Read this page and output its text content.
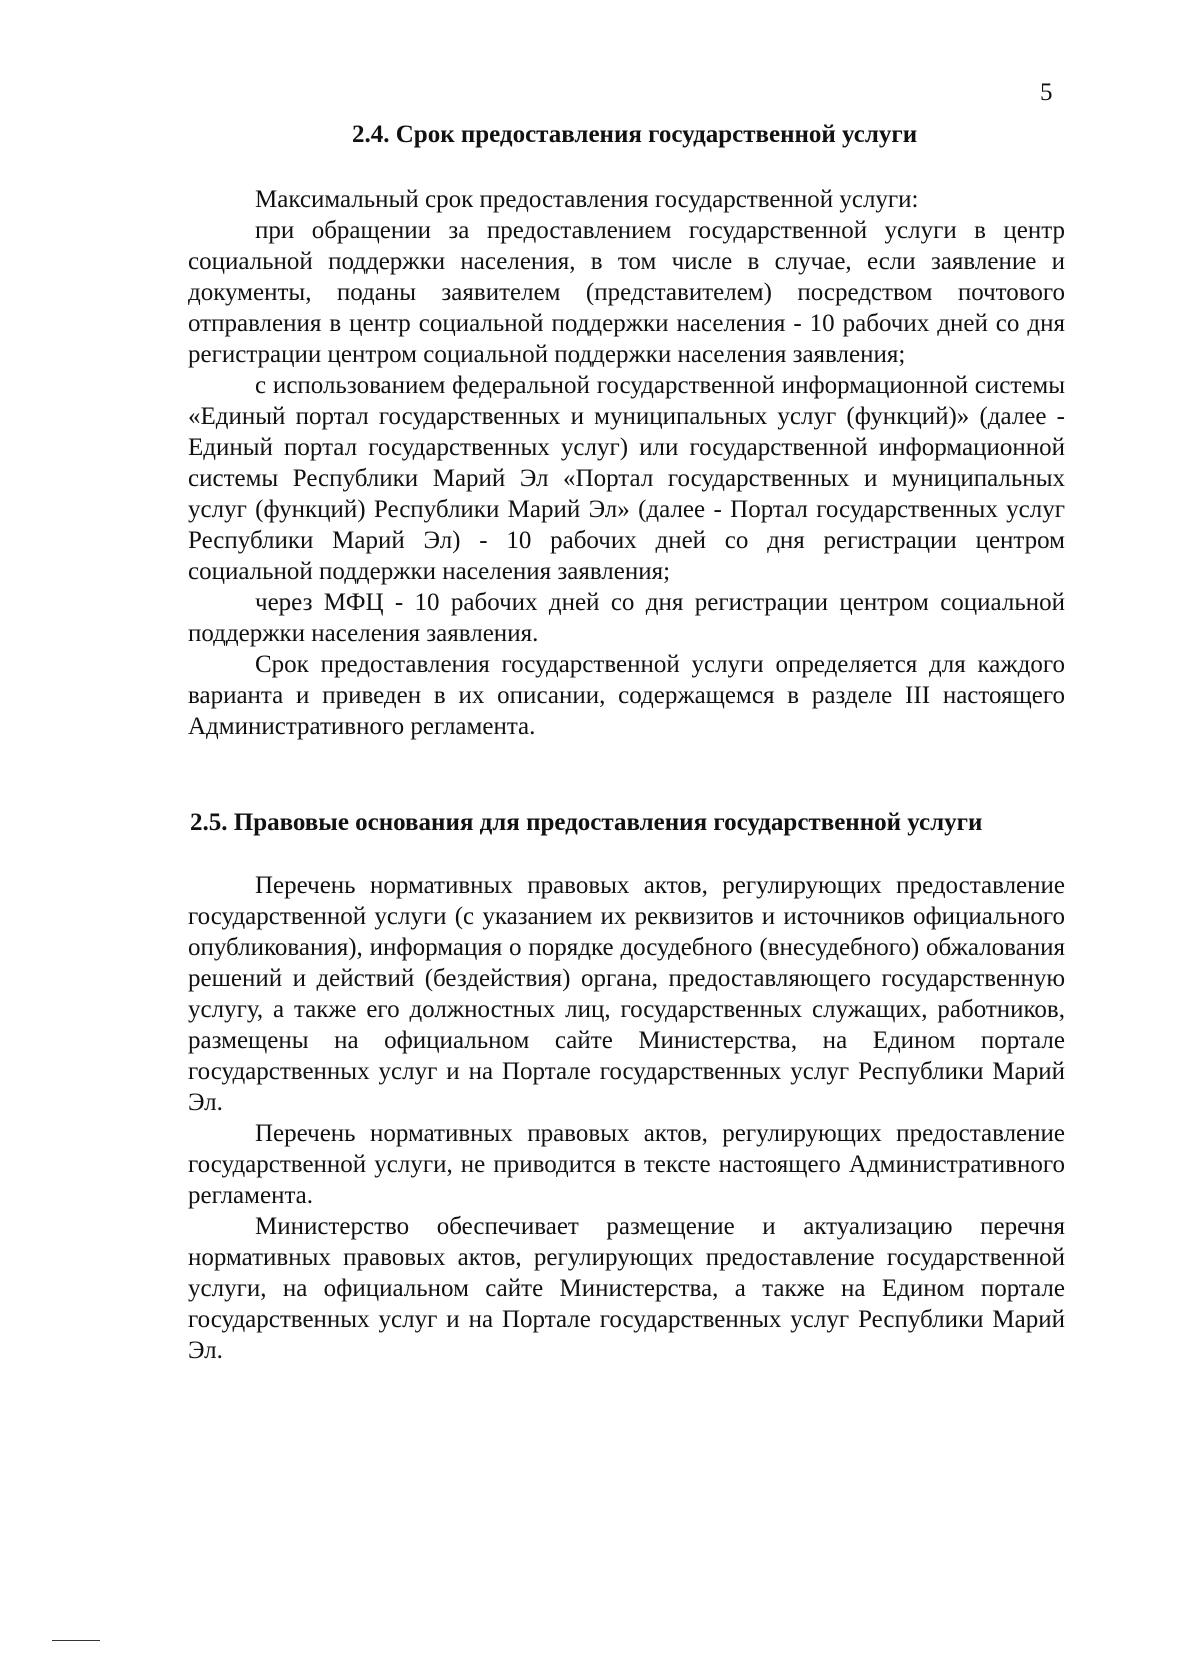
5
2.4. Срок предоставления государственной услуги

Максимальный срок предоставления государственной услуги:

при обращении за предоставлением государственной услуги в центр социальной поддержки населения, в том числе в случае, если заявление и документы, поданы заявителем (представителем) посредством почтового отправления в центр социальной поддержки населения - 10 рабочих дней со дня регистрации центром социальной поддержки населения заявления;

с использованием федеральной государственной информационной системы «Единый портал государственных и муниципальных услуг (функций)» (далее - Единый портал государственных услуг) или государственной информационной системы Республики Марий Эл «Портал государственных и муниципальных услуг (функций) Республики Марий Эл» (далее - Портал государственных услуг Республики Марий Эл) - 10 рабочих дней со дня регистрации центром социальной поддержки населения заявления;

через МФЦ - 10 рабочих дней со дня регистрации центром социальной поддержки населения заявления.

Срок предоставления государственной услуги определяется для каждого варианта и приведен в их описании, содержащемся в разделе III настоящего Административного регламента.

2.5. Правовые основания для предоставления государственной услуги

Перечень нормативных правовых актов, регулирующих предоставление государственной услуги (с указанием их реквизитов и источников официального опубликования), информация о порядке досудебного (внесудебного) обжалования решений и действий (бездействия) органа, предоставляющего государственную услугу, а также его должностных лиц, государственных служащих, работников, размещены на официальном сайте Министерства, на Едином портале государственных услуг и на Портале государственных услуг Республики Марий Эл.

Перечень нормативных правовых актов, регулирующих предоставление государственной услуги, не приводится в тексте настоящего Административного регламента.

Министерство обеспечивает размещение и актуализацию перечня нормативных правовых актов, регулирующих предоставление государственной услуги, на официальном сайте Министерства, а также на Едином портале государственных услуг и на Портале государственных услуг Республики Марий Эл.
